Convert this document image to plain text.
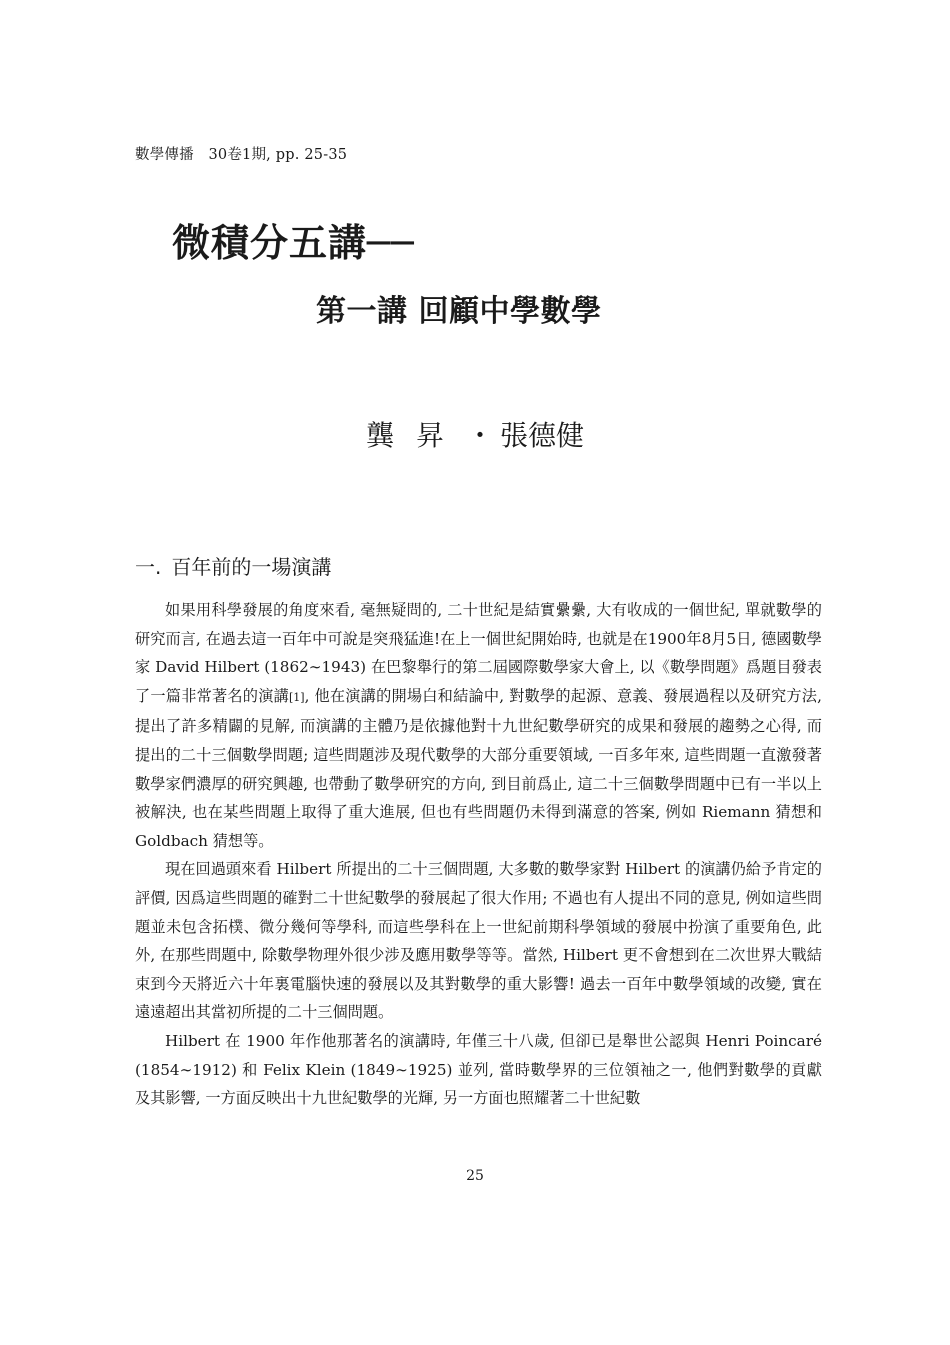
數學傳播　30卷1期, pp. 25-35
微積分五講──
第一講 回顧中學數學
龔昇・ 張德健
一. 百年前的一場演講

如果用科學發展的角度來看, 毫無疑問的, 二十世紀是結實纍纍, 大有收成的一個世紀, 單就數學的研究而言, 在過去這一百年中可說是突飛猛進!在上一個世紀開始時, 也就是在1900年8月5日, 德國數學家 David Hilbert (1862∼1943) 在巴黎舉行的第二屆國際數學家大會上, 以《數學問題》爲題目發表了一篇非常著名的演講[1], 他在演講的開場白和結論中, 對數學的起源、意義、發展過程以及研究方法, 提出了許多精闢的見解, 而演講的主體乃是依據他對十九世紀數學研究的成果和發展的趨勢之心得, 而提出的二十三個數學問題; 這些問題涉及現代數學的大部分重要領域, 一百多年來, 這些問題一直激發著數學家們濃厚的研究興趣, 也帶動了數學研究的方向, 到目前爲止, 這二十三個數學問題中已有一半以上被解決, 也在某些問題上取得了重大進展, 但也有些問題仍未得到滿意的答案, 例如 Riemann 猜想和 Goldbach 猜想等。

現在回過頭來看 Hilbert 所提出的二十三個問題, 大多數的數學家對 Hilbert 的演講仍給予肯定的評價, 因爲這些問題的確對二十世紀數學的發展起了很大作用; 不過也有人提出不同的意見, 例如這些問題並未包含拓樸、微分幾何等學科, 而這些學科在上一世紀前期科學領域的發展中扮演了重要角色, 此外, 在那些問題中, 除數學物理外很少涉及應用數學等等。當然, Hilbert 更不會想到在二次世界大戰結束到今天將近六十年裏電腦快速的發展以及其對數學的重大影響! 過去一百年中數學領域的改變, 實在遠遠超出其當初所提的二十三個問題。

Hilbert 在 1900 年作他那著名的演講時, 年僅三十八歲, 但卻已是舉世公認與 Henri Poincaré (1854∼1912) 和 Felix Klein (1849∼1925) 並列, 當時數學界的三位領袖之一, 他們對數學的貢獻及其影響, 一方面反映出十九世紀數學的光輝, 另一方面也照耀著二十世紀數

25
